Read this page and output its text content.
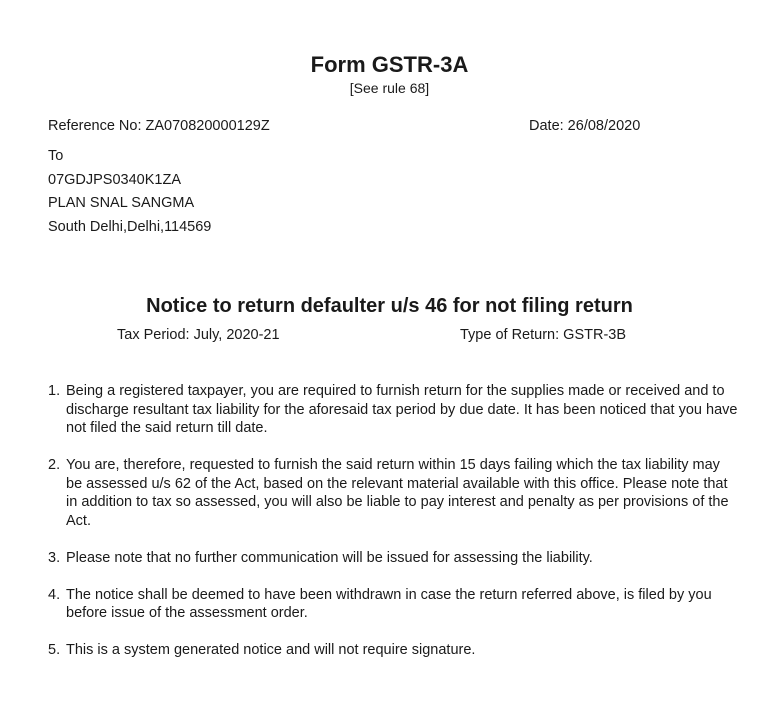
Form GSTR-3A
[See rule 68]
Reference No: ZA070820000129Z	Date: 26/08/2020
To
07GDJPS0340K1ZA
PLAN SNAL SANGMA
South Delhi,Delhi,114569
Notice to return defaulter u/s 46 for not filing return
Tax Period: July, 2020-21	Type of Return: GSTR-3B
1. Being a registered taxpayer, you are required to furnish return for the supplies made or received and to discharge resultant tax liability for the aforesaid tax period by due date. It has been noticed that you have not filed the said return till date.
2. You are, therefore, requested to furnish the said return within 15 days failing which the tax liability may be assessed u/s 62 of the Act, based on the relevant material available with this office. Please note that in addition to tax so assessed, you will also be liable to pay interest and penalty as per provisions of the Act.
3. Please note that no further communication will be issued for assessing the liability.
4. The notice shall be deemed to have been withdrawn in case the return referred above, is filed by you before issue of the assessment order.
5. This is a system generated notice and will not require signature.
